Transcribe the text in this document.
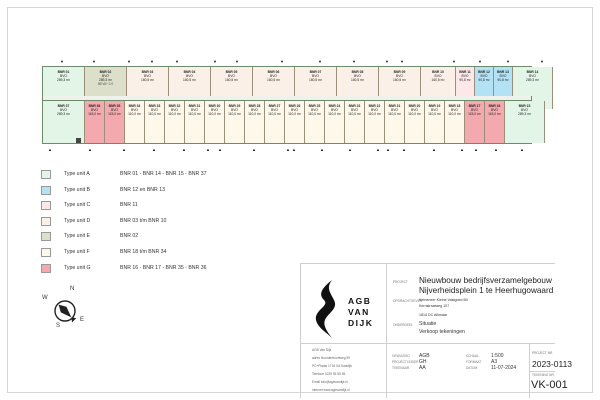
BNR 01
BVO
289,3 m²
BNR 02
BVO
289,3 m²
BEVA* 2.0
BNR 03
BVO
160,5 m²
BNR 04
BVO
160,5 m²
BNR 05
BVO
160,5 m²
BNR 06
BVO
160,5 m²
BNR 07
BVO
160,5 m²
BNR 08
BVO
160,5 m²
BNR 09
BVO
160,5 m²
BNR 10
BVO
160,5 m²
BNR 11
BVO
90,8 m²
BNR 12
BVO
90,8 m²
BNR 13
BVO
90,8 m²
BNR 14
BVO
289,3 m²
BNR 37
BVO
289,3 m²
BNR 36
BVO
115,0 m²
BNR 35
BVO
115,0 m²
BNR 34
BVO
110,0 m²
BNR 33
BVO
110,0 m²
BNR 32
BVO
110,0 m²
BNR 31
BVO
110,0 m²
BNR 30
BVO
110,0 m²
BNR 29
BVO
110,0 m²
BNR 28
BVO
110,0 m²
BNR 27
BVO
110,0 m²
BNR 26
BVO
110,0 m²
BNR 25
BVO
110,0 m²
BNR 24
BVO
110,0 m²
BNR 23
BVO
110,0 m²
BNR 22
BVO
110,0 m²
BNR 21
BVO
110,0 m²
BNR 20
BVO
110,0 m²
BNR 19
BVO
110,0 m²
BNR 18
BVO
110,0 m²
BNR 17
BVO
115,0 m²
BNR 16
BVO
115,0 m²
BNR 15
BVO
289,3 m²
▼	▼	▼	▼	▼	▼	▼	▼	▼	▼	▼	▼	▼	▼	▼	▼
▲	▲	▲	▲	▲	▲ ▲	▲	▲ ▲	▲	▲	▲ ▲	▲	▲	▲	▲	▲	▲
Type unit A	BNR 01 - BNR 14 - BNR 15 - BNR 37
Type unit B	BNR 12 en BNR 13
Type unit C	BNR 11
Type unit D	BNR 03 t/m BNR 10
Type unit E	BNR 02
Type unit F	BNR 18 t/m BNR 34
Type unit G	BNR 16 - BNR 17 - BNR 35 - BNR 36
N
S
W
E
AGB
VAN
DIJK
AGB Van Dijk
adres Noorderbuurtweg 99
PC+Plaats 1716 XA Kwadijk
Telefoon 0229 55 55 55
Email info@agbvandijk.nl
internet www.agbvandijk.nl
PROJECT Nieuwbouw bedrijfsverzamelgebouw
Nijverheidsplein 1 te Heerhugowaard
OPDRACHTGEVER
Kemeneer Kleine Vastgoed BV
Kernstraatweg 107
1814 DC Alkmaar
ONDERDEEL Situatie
Verkoop tekeningen
GEWIJZIGD AGB
PROJECTLEIDER GH
TEKENAAR AA
SCHAAL 1:500
FORMAAT A3
DATUM	11-07-2024
PROJECT NR.
2023-0113
TEKENING NR.
VK-001
